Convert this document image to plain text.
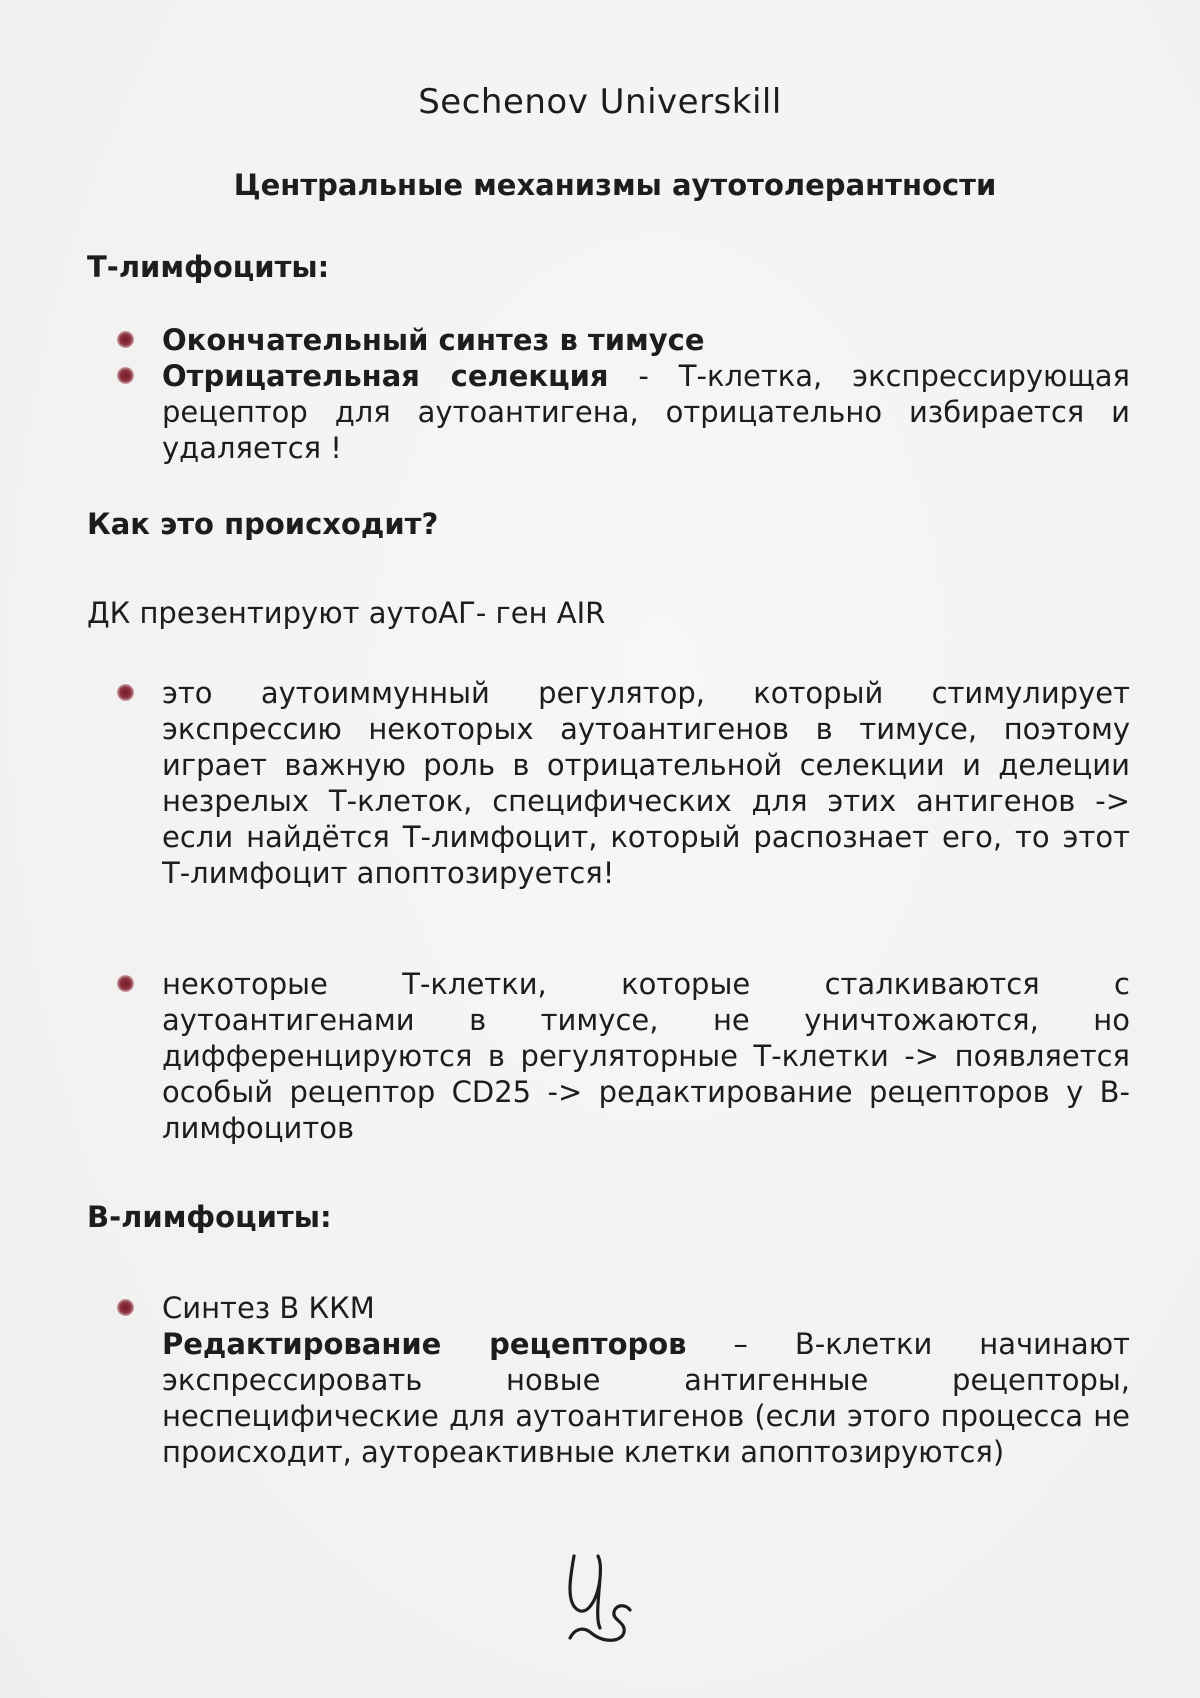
Sechenov Universkill
Центральные механизмы аутотолерантности
Т-лимфоциты:

Окончательный синтез в тимусе

Отрицательная селекция - Т-клетка, экспрессирующая рецептор для аутоантигена, отрицательно избирается и удаляется !

Как это происходит?
ДК презентируют аутоАГ- ген AIR

это аутоиммунный регулятор, который стимулирует экспрессию некоторых аутоантигенов в тимусе, поэтому играет важную роль в отрицательной селекции и делеции незрелых Т-клеток, специфических для этих антигенов -> если найдётся Т-лимфоцит, который распознает его, то этот Т-лимфоцит апоптозируется!

некоторые Т-клетки, которые сталкиваются с аутоантигенами в тимусе, не уничтожаются, но дифференцируются в регуляторные Т-клетки -> появляется особый рецептор CD25 -> редактирование рецепторов у В-лимфоцитов

В-лимфоциты:

Синтез В ККМ
Редактирование рецепторов – В-клетки начинают экспрессировать новые антигенные рецепторы, неспецифические для аутоантигенов (если этого процесса не происходит, аутореактивные клетки апоптозируются)
